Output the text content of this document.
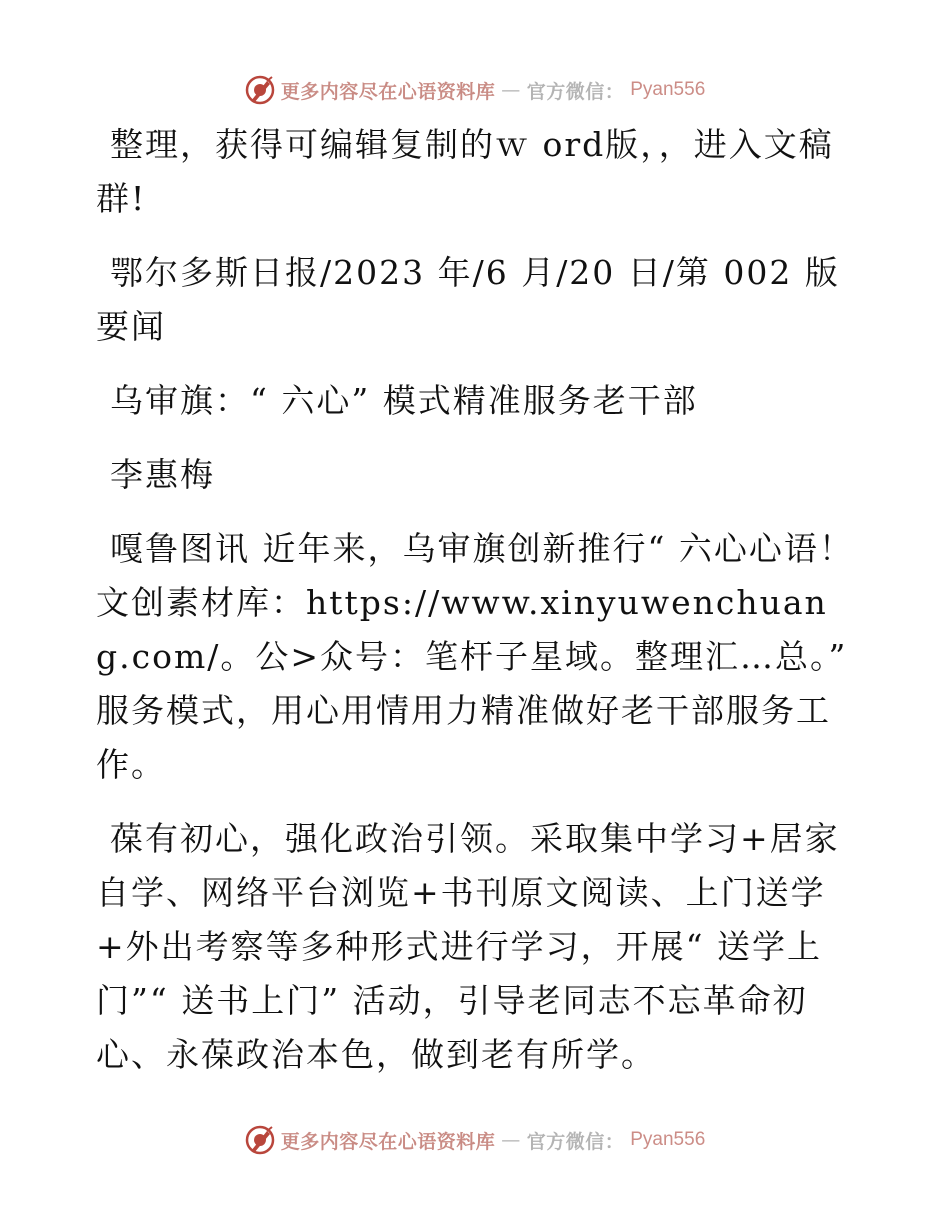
更多内容尽在心语资料库 — 官方微信： Pyan556

整理，获得可编辑复制的ｗ ord版，，进入文稿群!

鄂尔多斯日报/2023 年/6 月/20 日/第 002 版要闻

乌审旗：“ 六心” 模式精准服务老干部

李惠梅

嘎鲁图讯 近年来，乌审旗创新推行“ 六心心语！文创素材库：https://www.xinyuwenchuang.com/。公>众号：笔杆子星域。整理汇…总。” 服务模式，用心用情用力精准做好老干部服务工作。

葆有初心，强化政治引领。采取集中学习+居家自学、网络平台浏览+书刊原文阅读、上门送学+外出考察等多种形式进行学习，开展“ 送学上门”“ 送书上门” 活动，引导老同志不忘革命初心、永葆政治本色，做到老有所学。

更多内容尽在心语资料库 — 官方微信： Pyan556
